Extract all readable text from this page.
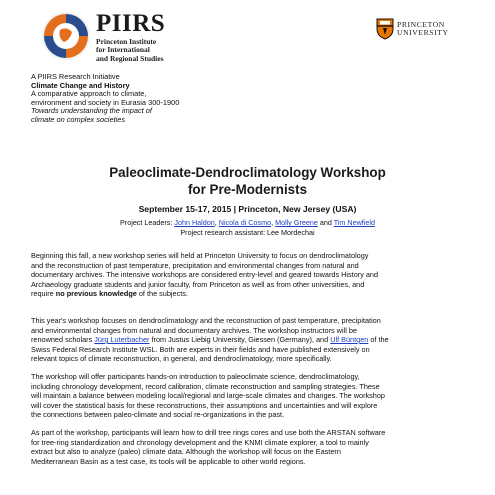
PIIRS
Princeton Institute
for International
and Regional Studies
PRINCETON
UNIVERSITY
A PIIRS Research Initiative
Climate Change and History
A comparative approach to climate,
environment and society in Eurasia 300-1900
Towards understanding the impact of
climate on complex societies
Paleoclimate-Dendroclimatology Workshop
for Pre-Modernists
September 15-17, 2015 | Princeton, New Jersey (USA)
Project Leaders: John Haldon, Nicola di Cosmo, Molly Greene and Tim Newfield
Project research assistant: Lee Mordechai
Beginning this fall, a new workshop series will held at Princeton University to focus on dendroclimatology
and the reconstruction of past temperature, precipitation and environmental changes from natural and
documentary archives. The intensive workshops are considered entry-level and geared towards History and
Archaeology graduate students and junior faculty, from Princeton as well as from other universities, and
require no previous knowledge of the subjects.
This year's workshop focuses on dendroclimatology and the reconstruction of past temperature, precipitation
and environmental changes from natural and documentary archives. The workshop instructors will be
renowned scholars Jürg Luterbacher from Justus Liebig University, Giessen (Germany), and Ulf Büntgen of the
Swiss Federal Research Institute WSL. Both are experts in their fields and have published extensively on
relevant topics of climate reconstruction, in general, and dendroclimatology, more specifically.
The workshop will offer participants hands-on introduction to paleoclimate science, dendroclimatology,
including chronology development, record calibration, climate reconstruction and sampling strategies. These
will maintain a balance between modeling local/regional and large-scale climates and changes. The workshop
will cover the statistical basis for these reconstructions, their assumptions and uncertainties and will explore
the connections between paleo-climate and social re-organizations in the past.
As part of the workshop, participants will learn how to drill tree rings cores and use both the ARSTAN software
for tree-ring standardization and chronology development and the KNMI climate explorer, a tool to mainly
extract but also to analyze (paleo) climate data. Although the workshop will focus on the Eastern
Mediterranean Basin as a test case, its tools will be applicable to other world regions.
